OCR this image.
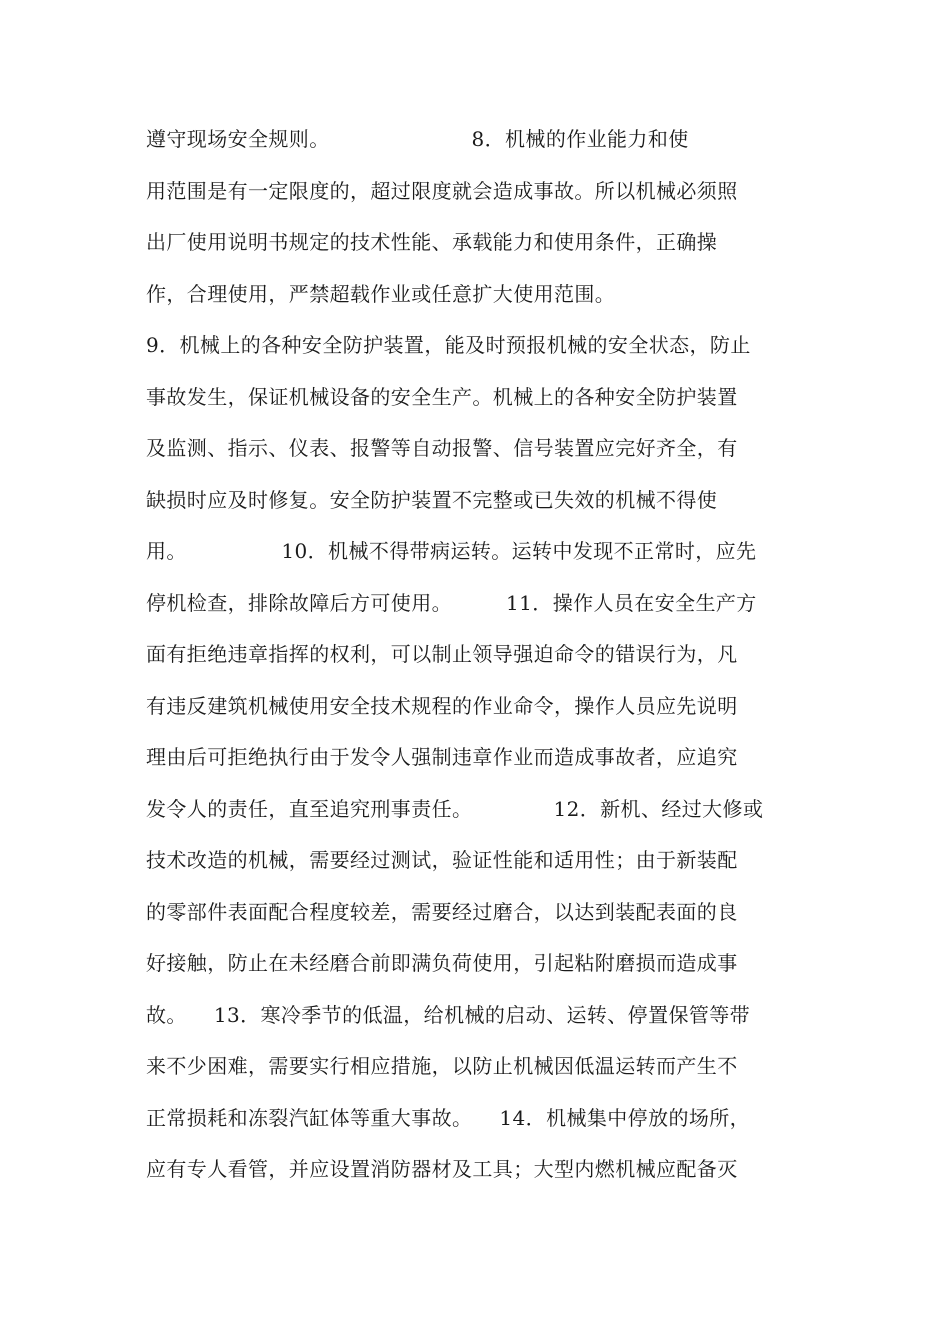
遵守现场安全规则。                     8．机械的作业能力和使
用范围是有一定限度的，超过限度就会造成事故。所以机械必须照
出厂使用说明书规定的技术性能、承载能力和使用条件，正确操
作，合理使用，严禁超载作业或任意扩大使用范围。
9．机械上的各种安全防护装置，能及时预报机械的安全状态，防止
事故发生，保证机械设备的安全生产。机械上的各种安全防护装置
及监测、指示、仪表、报警等自动报警、信号装置应完好齐全，有
缺损时应及时修复。安全防护装置不完整或已失效的机械不得使
用。              10．机械不得带病运转。运转中发现不正常时，应先
停机检查，排除故障后方可使用。        11．操作人员在安全生产方
面有拒绝违章指挥的权利，可以制止领导强迫命令的错误行为，凡
有违反建筑机械使用安全技术规程的作业命令，操作人员应先说明
理由后可拒绝执行由于发令人强制违章作业而造成事故者，应追究
发令人的责任，直至追究刑事责任。            12．新机、经过大修或
技术改造的机械，需要经过测试，验证性能和适用性；由于新装配
的零部件表面配合程度较差，需要经过磨合，以达到装配表面的良
好接触，防止在未经磨合前即满负荷使用，引起粘附磨损而造成事
故。    13．寒冷季节的低温，给机械的启动、运转、停置保管等带
来不少困难，需要实行相应措施，以防止机械因低温运转而产生不
正常损耗和冻裂汽缸体等重大事故。    14．机械集中停放的场所，
应有专人看管，并应设置消防器材及工具；大型内燃机械应配备灭
